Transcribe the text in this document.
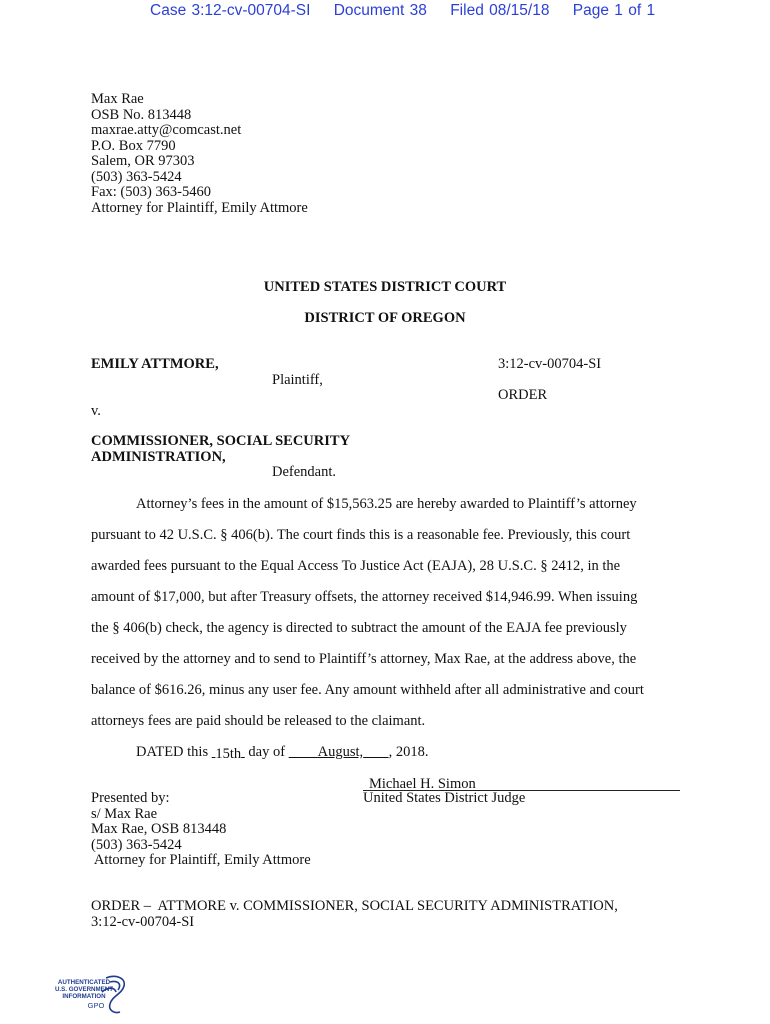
Case 3:12-cv-00704-SI Document 38 Filed 08/15/18 Page 1 of 1
Max Rae
OSB No. 813448
maxrae.atty@comcast.net
P.O. Box 7790
Salem, OR 97303
(503) 363-5424
Fax: (503) 363-5460
Attorney for Plaintiff, Emily Attmore
UNITED STATES DISTRICT COURT
DISTRICT OF OREGON
EMILY ATTMORE,
Plaintiff,
v.
COMMISSIONER, SOCIAL SECURITY
ADMINISTRATION,
Defendant.
3:12-cv-00704-SI
ORDER
Attorney’s fees in the amount of $15,563.25 are hereby awarded to Plaintiff’s attorney
pursuant to 42 U.S.C. § 406(b). The court finds this is a reasonable fee. Previously, this court
awarded fees pursuant to the Equal Access To Justice Act (EAJA), 28 U.S.C. § 2412, in the
amount of $17,000, but after Treasury offsets, the attorney received $14,946.99. When issuing
the § 406(b) check, the agency is directed to subtract the amount of the EAJA fee previously
received by the attorney and to send to Plaintiff’s attorney, Max Rae, at the address above, the
balance of $616.26, minus any user fee. Any amount withheld after all administrative and court
attorneys fees are paid should be released to the claimant.
DATED this  15th  day of         August, , 2018.
Michael H. Simon
United States District Judge
Presented by:
s/ Max Rae
Max Rae, OSB 813448
(503) 363-5424
Attorney for Plaintiff, Emily Attmore
ORDER –  ATTMORE v. COMMISSIONER, SOCIAL SECURITY ADMINISTRATION,
3:12-cv-00704-SI
AUTHENTICATED
U.S. GOVERNMENT
INFORMATION
GPO
